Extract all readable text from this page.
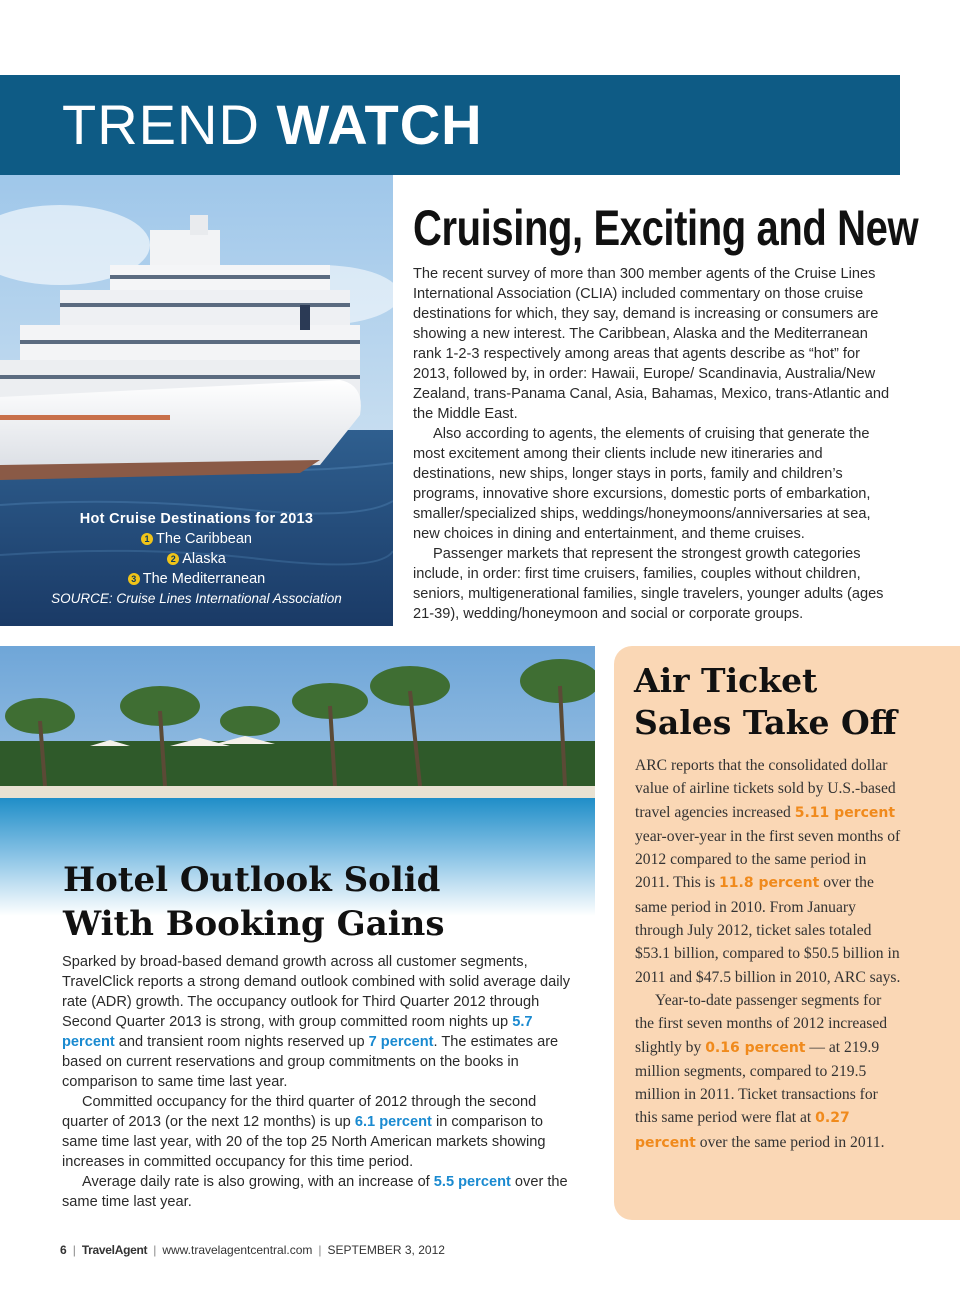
TREND WATCH
Hot Cruise Destinations for 2013
1 The Caribbean
2 Alaska
3 The Mediterranean
SOURCE: Cruise Lines International Association
Cruising, Exciting and New

The recent survey of more than 300 member agents of the Cruise Lines International Association (CLIA) included commentary on those cruise destinations for which, they say, demand is increasing or consumers are showing a new interest. The Caribbean, Alaska and the Mediterranean rank 1-2-3 respectively among areas that agents describe as “hot” for 2013, followed by, in order: Hawaii, Europe/ Scandinavia, Australia/New Zealand, trans-Panama Canal, Asia, Bahamas, Mexico, trans-Atlantic and the Middle East.

Also according to agents, the elements of cruising that generate the most excitement among their clients include new itineraries and destinations, new ships, longer stays in ports, family and children’s programs, innovative shore excursions, domestic ports of embarkation, smaller/specialized ships, weddings/honeymoons/anniversaries at sea, new choices in dining and entertainment, and theme cruises.

Passenger markets that represent the strongest growth categories include, in order: first time cruisers, families, couples without children, seniors, multigenerational families, single travelers, younger adults (ages 21-39), wedding/honeymoon and social or corporate groups.

Hotel Outlook Solid
With Booking Gains

Sparked by broad-based demand growth across all customer segments, TravelClick reports a strong demand outlook combined with solid average daily rate (ADR) growth. The occupancy outlook for Third Quarter 2012 through Second Quarter 2013 is strong, with group committed room nights up 5.7 percent and transient room nights reserved up 7 percent. The estimates are based on current reservations and group commitments on the books in comparison to same time last year.

Committed occupancy for the third quarter of 2012 through the second quarter of 2013 (or the next 12 months) is up 6.1 percent in comparison to same time last year, with 20 of the top 25 North American markets showing increases in committed occupancy for this time period.

Average daily rate is also growing, with an increase of 5.5 percent over the same time last year.

Air Ticket
Sales Take Off

ARC reports that the consolidated dollar value of airline tickets sold by U.S.-based travel agencies increased 5.11 percent year-over-year in the first seven months of 2012 compared to the same period in 2011. This is 11.8 percent over the same period in 2010. From January through July 2012, ticket sales totaled $53.1 billion, compared to $50.5 billion in 2011 and $47.5 billion in 2010, ARC says.

Year-to-date passenger segments for the first seven months of 2012 increased slightly by 0.16 percent — at 219.9 million segments, compared to 219.5 million in 2011. Ticket transactions for this same period were flat at 0.27 percent over the same period in 2011.

6 | TravelAgent | www.travelagentcentral.com | SEPTEMBER 3, 2012
